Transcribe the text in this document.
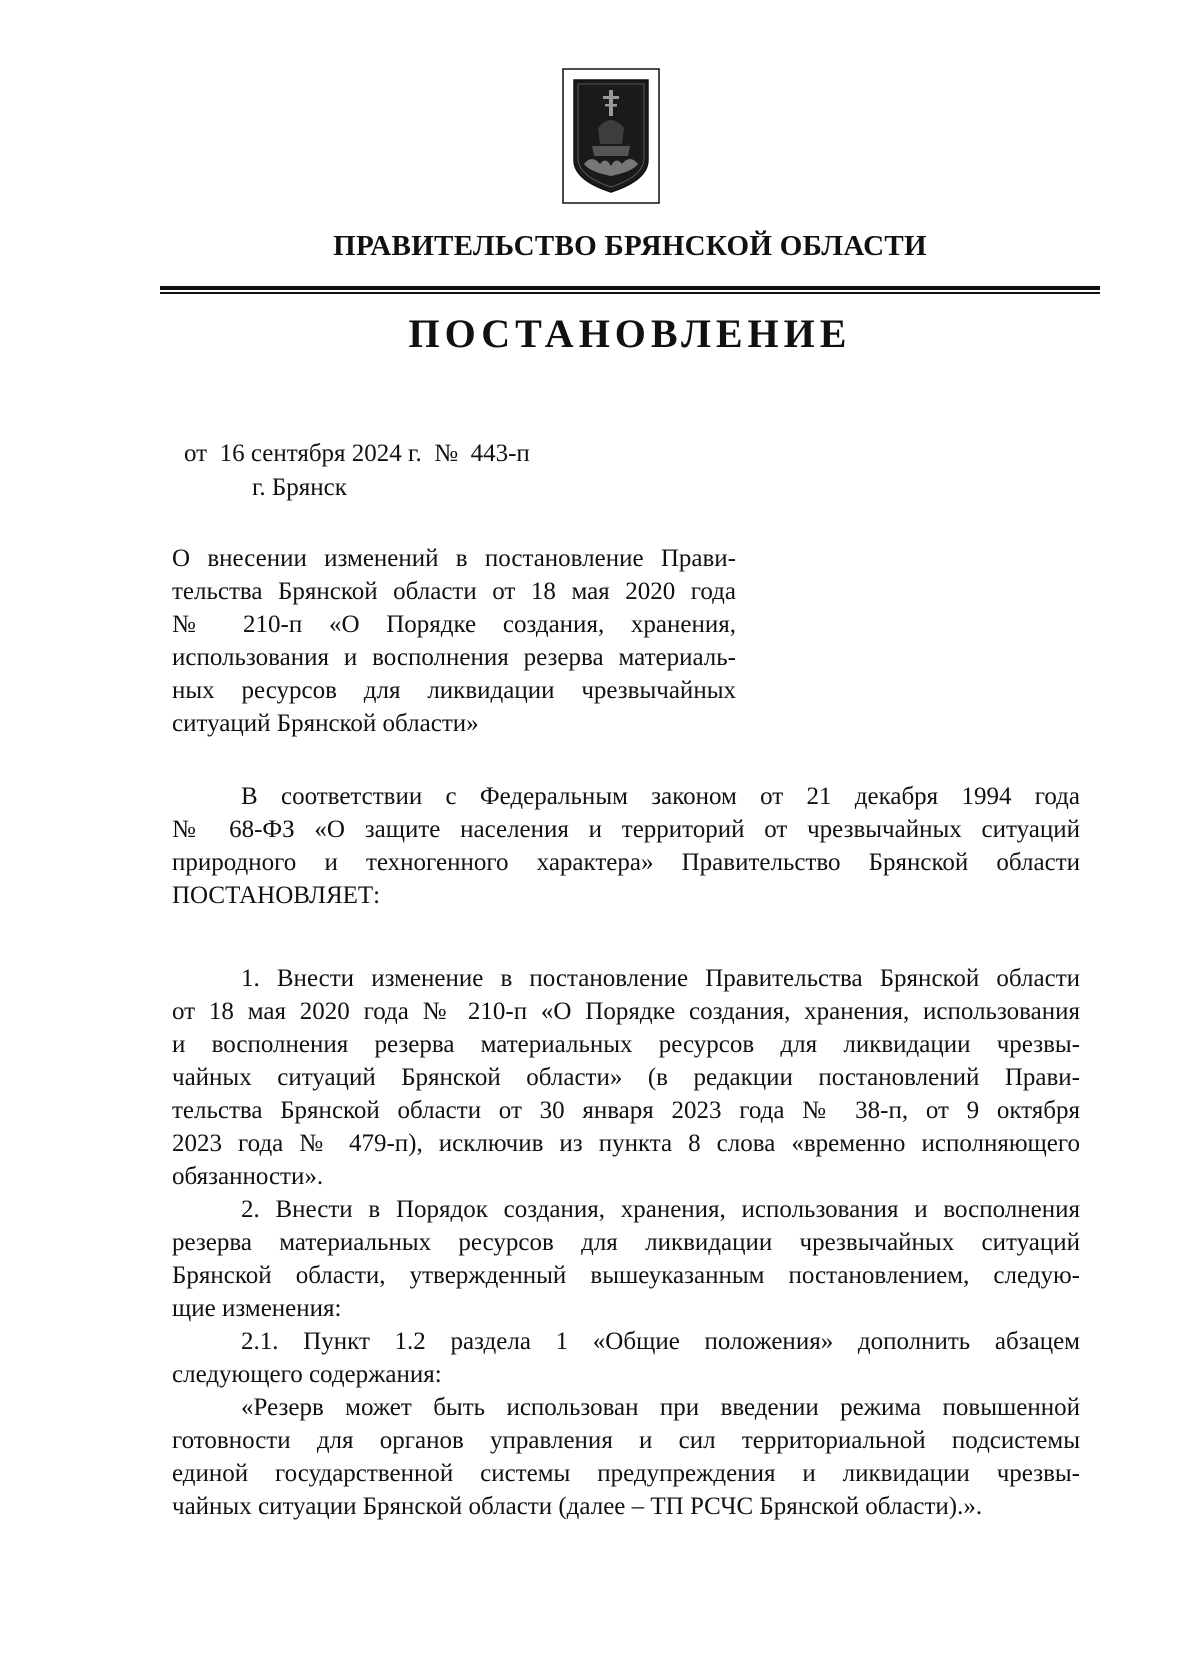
ПРАВИТЕЛЬСТВО БРЯНСКОЙ ОБЛАСТИ
ПОСТАНОВЛЕНИЕ
от  16 сентября 2024 г.  №  443-п
г. Брянск
О внесении изменений в постановление Прави-
тельства Брянской области от 18 мая 2020 года
№ 210-п «О Порядке создания, хранения,
использования и восполнения резерва материаль-
ных ресурсов для ликвидации чрезвычайных
ситуаций Брянской области»
В соответствии с Федеральным законом от 21 декабря 1994 года
№ 68-ФЗ «О защите населения и территорий от чрезвычайных ситуаций
природного и техногенного характера» Правительство Брянской области
ПОСТАНОВЛЯЕТ:
1. Внести изменение в постановление Правительства Брянской области
от 18 мая 2020 года № 210-п «О Порядке создания, хранения, использования
и восполнения резерва материальных ресурсов для ликвидации чрезвы-
чайных ситуаций Брянской области» (в редакции постановлений Прави-
тельства Брянской области от 30 января 2023 года № 38-п, от 9 октября
2023 года № 479-п), исключив из пункта 8 слова «временно исполняющего
обязанности».
2. Внести в Порядок создания, хранения, использования и восполнения
резерва материальных ресурсов для ликвидации чрезвычайных ситуаций
Брянской области, утвержденный вышеуказанным постановлением, следую-
щие изменения:
2.1. Пункт 1.2 раздела 1 «Общие положения» дополнить абзацем
следующего содержания:
«Резерв может быть использован при введении режима повышенной
готовности для органов управления и сил территориальной подсистемы
единой государственной системы предупреждения и ликвидации чрезвы-
чайных ситуации Брянской области (далее – ТП РСЧС Брянской области).».
